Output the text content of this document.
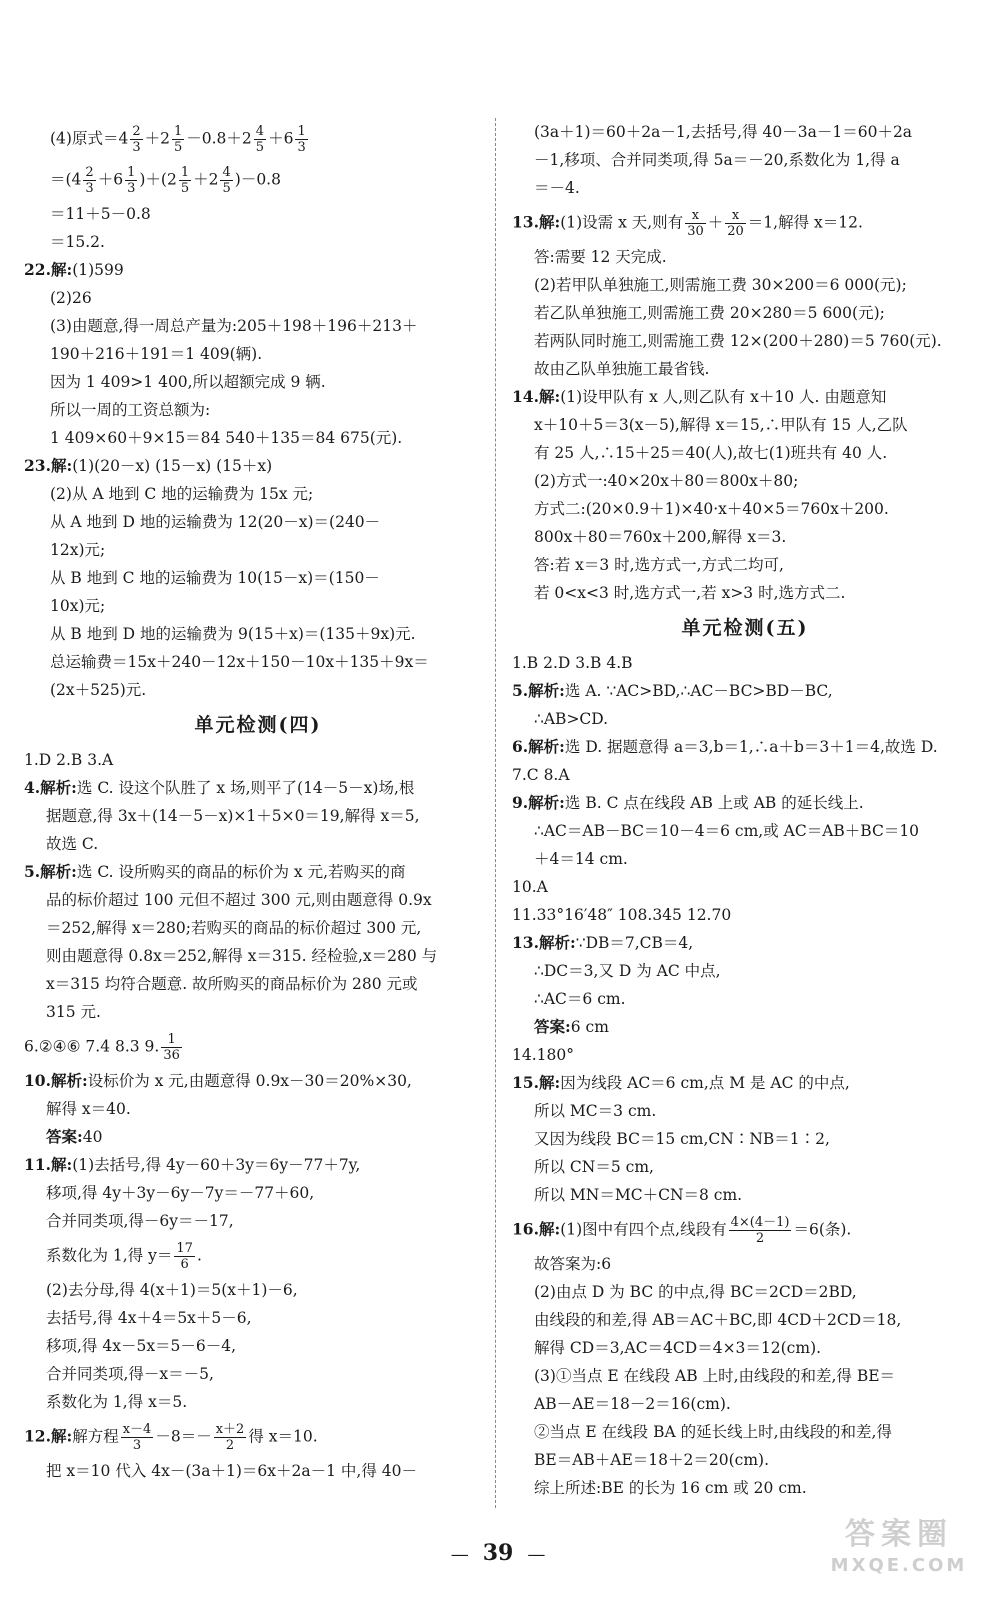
(4)原式$=4 \frac{2}{3} +2 \frac{1}{5} -0.8+2 \frac{4}{5} +6 \frac{1}{3}$
$=(4 \frac{2}{3} +6 \frac{1}{3} )+(2 \frac{1}{5} +2 \frac{4}{5} )-0.8$
＝11＋5－0.8
＝15.2.
22.解:(1)599
(2)26
(3)由题意,得一周总产量为:205＋198＋196＋213＋
190＋216＋191＝1 409(辆).
因为 1 409>1 400,所以超额完成 9 辆.
所以一周的工资总额为:
1 409×60＋9×15＝84 540＋135＝84 675(元).
23.解:(1)(20－x) (15－x) (15＋x)
(2)从 A 地到 C 地的运输费为 15x 元;
从 A 地到 D 地的运输费为 12(20－x)＝(240－
12x)元;
从 B 地到 C 地的运输费为 10(15－x)＝(150－
10x)元;
从 B 地到 D 地的运输费为 9(15＋x)＝(135＋9x)元.
总运输费＝15x＋240－12x＋150－10x＋135＋9x＝
(2x＋525)元.
单元检测(四)
1.D 2.B 3.A
4.解析:选 C. 设这个队胜了 x 场,则平了(14－5－x)场,根
据题意,得 3x＋(14－5－x)×1＋5×0＝19,解得 x＝5,
故选 C.
5.解析:选 C. 设所购买的商品的标价为 x 元,若购买的商
品的标价超过 100 元但不超过 300 元,则由题意得 0.9x
＝252,解得 x＝280;若购买的商品的标价超过 300 元,
则由题意得 0.8x＝252,解得 x＝315. 经检验,x＝280 与
x＝315 均符合题意. 故所购买的商品标价为 280 元或
315 元.
6.②④⑥ 7.4 8.3 9. $\frac{1}{36}$
10.解析:设标价为 x 元,由题意得 0.9x－30＝20%×30,
解得 x＝40.
答案:40
11.解:(1)去括号,得 4y－60＋3y＝6y－77＋7y,
移项,得 4y＋3y－6y－7y＝－77＋60,
合并同类项,得－6y＝－17,
系数化为 1,得 $y= \frac{17}{6}$ .
(2)去分母,得 4(x＋1)＝5(x＋1)－6,
去括号,得 4x＋4＝5x＋5－6,
移项,得 4x－5x＝5－6－4,
合并同类项,得－x＝－5,
系数化为 1,得 x＝5.
12.解:解方程 $\frac{x-4}{3} -8=- \frac{x+2}{2}$ 得 x＝10.
把 x＝10 代入 4x－(3a＋1)＝6x＋2a－1 中,得 40－
(3a＋1)＝60＋2a－1,去括号,得 40－3a－1＝60＋2a
－1,移项、合并同类项,得 5a＝－20,系数化为 1,得 a
＝－4.
13.解:(1)设需 x 天,则有 $\frac{x}{30} + \frac{x}{20} =1$,解得 x＝12.
答:需要 12 天完成.
(2)若甲队单独施工,则需施工费 30×200＝6 000(元);
若乙队单独施工,则需施工费 20×280＝5 600(元);
若两队同时施工,则需施工费 12×(200＋280)＝5 760(元).
故由乙队单独施工最省钱.
14.解:(1)设甲队有 x 人,则乙队有 x＋10 人. 由题意知
x＋10＋5＝3(x－5),解得 x＝15,∴甲队有 15 人,乙队
有 25 人,∴15＋25＝40(人),故七(1)班共有 40 人.
(2)方式一:40×20x＋80＝800x＋80;
方式二:(20×0.9＋1)×40·x＋40×5＝760x＋200.
800x＋80＝760x＋200,解得 x＝3.
答:若 x＝3 时,选方式一,方式二均可,
若 0<x<3 时,选方式一,若 x>3 时,选方式二.
单元检测(五)
1.B 2.D 3.B 4.B
5.解析:选 A. ∵AC>BD,∴AC－BC>BD－BC,
∴AB>CD.
6.解析:选 D. 据题意得 a＝3,b＝1,∴a＋b＝3＋1＝4,故选 D.
7.C 8.A
9.解析:选 B. C 点在线段 AB 上或 AB 的延长线上.
∴AC＝AB－BC＝10－4＝6 cm,或 AC＝AB＋BC＝10
＋4＝14 cm.
10.A
11.33°16′48″ 108.345 12.70
13.解析:∵DB＝7,CB＝4,
∴DC＝3,又 D 为 AC 中点,
∴AC＝6 cm.
答案:6 cm
14.180°
15.解:因为线段 AC＝6 cm,点 M 是 AC 的中点,
所以 MC＝3 cm.
又因为线段 BC＝15 cm,CN∶NB＝1∶2,
所以 CN＝5 cm,
所以 MN＝MC＋CN＝8 cm.
16.解:(1)图中有四个点,线段有 $\frac{4\times(4-1)}{2} =6$(条).
故答案为:6
(2)由点 D 为 BC 的中点,得 BC＝2CD＝2BD,
由线段的和差,得 AB＝AC＋BC,即 4CD＋2CD＝18,
解得 CD＝3,AC＝4CD＝4×3＝12(cm).
(3)①当点 E 在线段 AB 上时,由线段的和差,得 BE＝
AB－AE＝18－2＝16(cm).
②当点 E 在线段 BA 的延长线上时,由线段的和差,得
BE＝AB＋AE＝18＋2＝20(cm).
综上所述:BE 的长为 16 cm 或 20 cm.
— 39 —
答案圈
MXQE.COM
